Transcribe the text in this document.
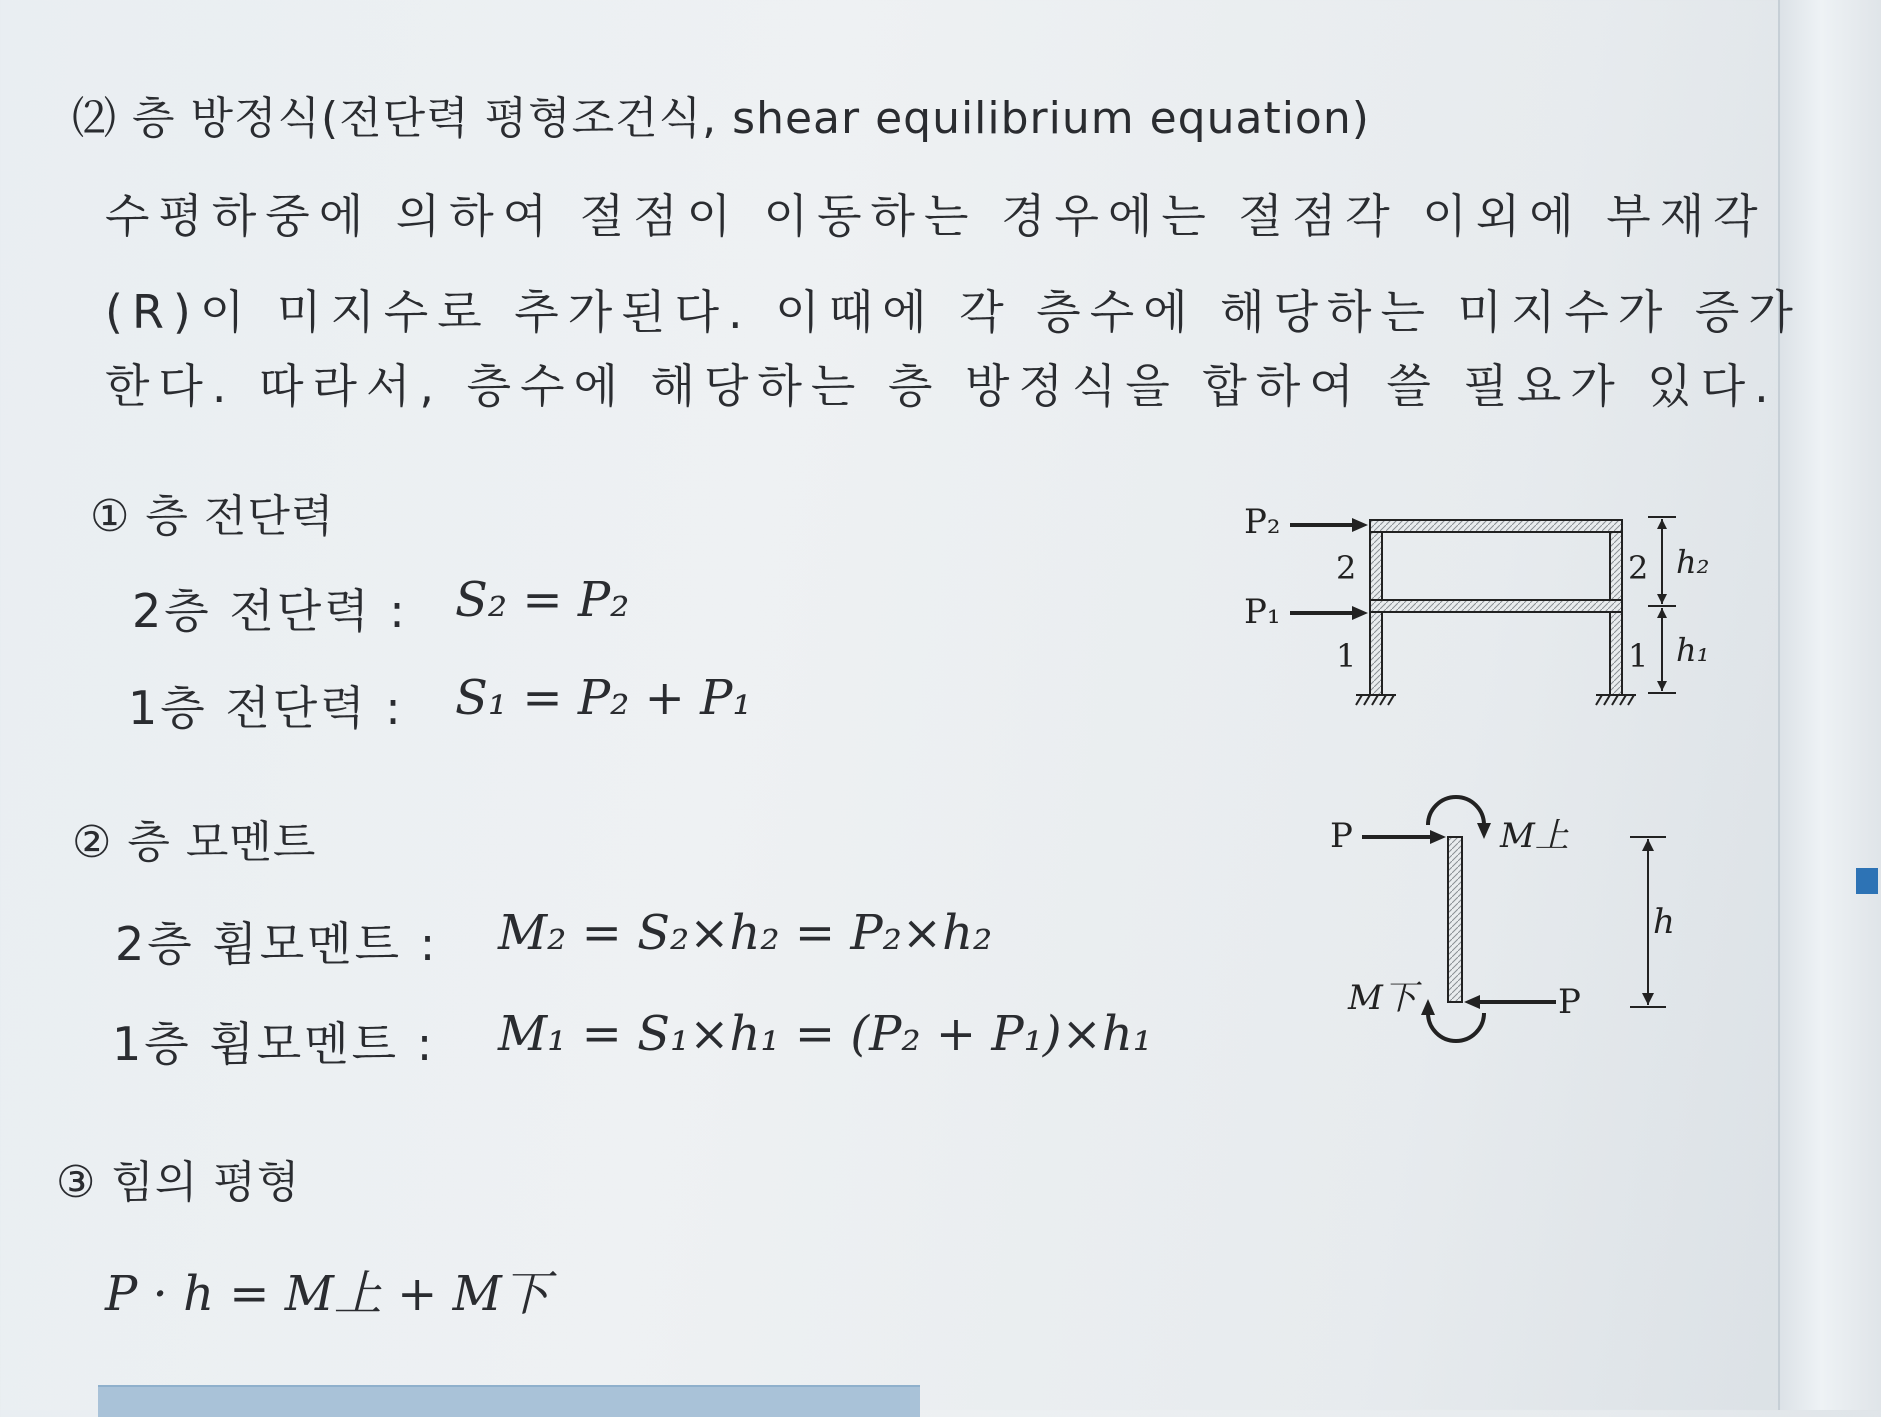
⑵ 층 방정식(전단력 평형조건식, shear equilibrium equation)
수평하중에 의하여 절점이 이동하는 경우에는 절점각 이외에 부재각
(R)이 미지수로 추가된다. 이때에 각 층수에 해당하는 미지수가 증가
한다. 따라서, 층수에 해당하는 층 방정식을 합하여 쓸 필요가 있다.
① 층 전단력
2층 전단력 : S₂ = P₂
1층 전단력 : S₁ = P₂ + P₁
② 층 모멘트
2층 휨모멘트 : M₂ = S₂×h₂ = P₂×h₂
1층 휨모멘트 : M₁ = S₁×h₁ = (P₂ + P₁)×h₁
③ 힘의 평형
P · h = M上 + M下
P₂
P₁
2
1
2
1
h₂
h₁
P
P
M上
M下
h
